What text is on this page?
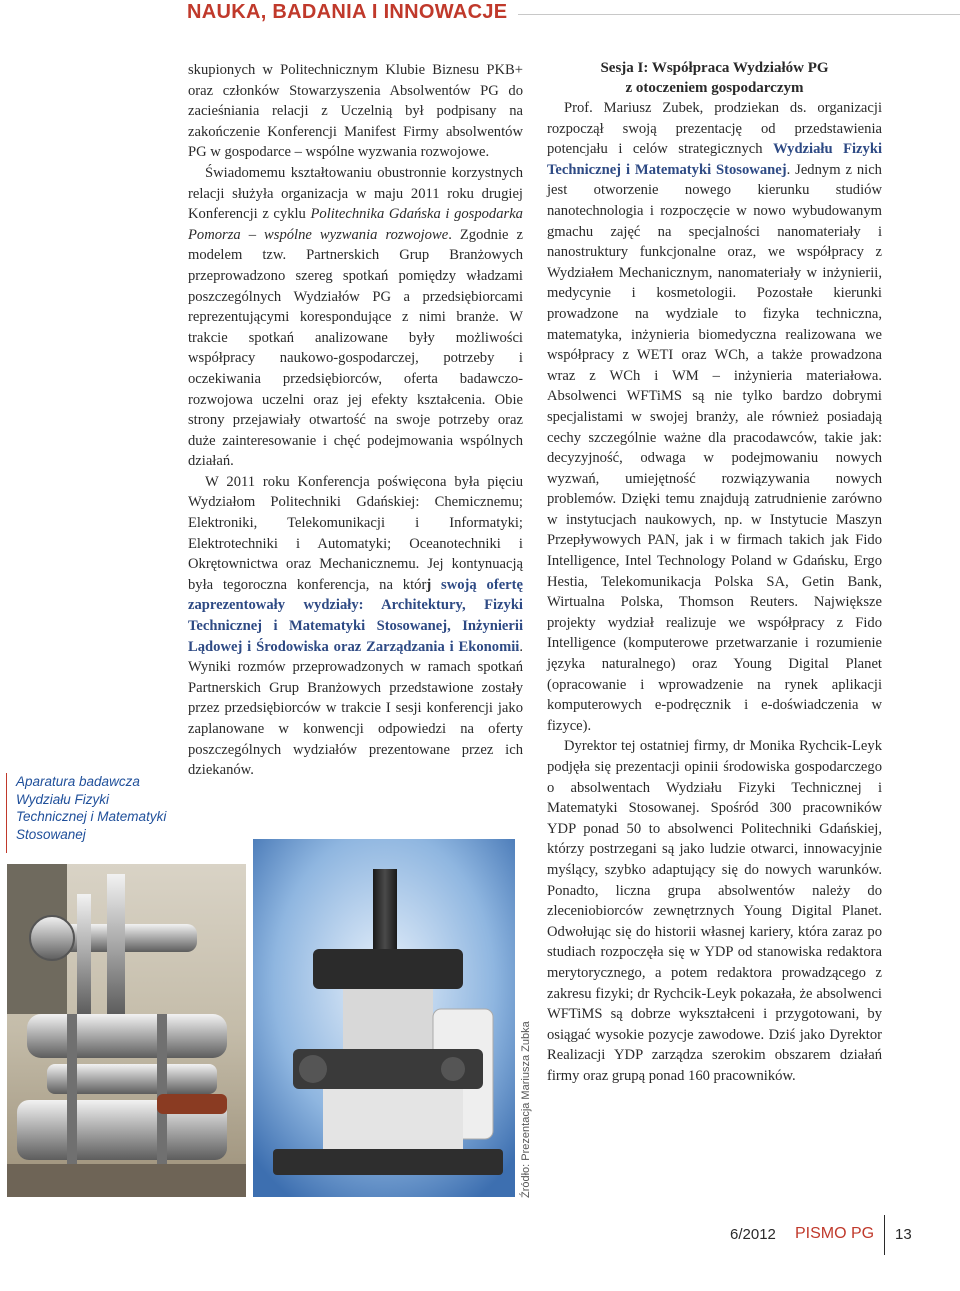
NAUKA, BADANIA I INNOWACJE

skupionych w Politechnicznym Klubie Biznesu PKB+ oraz członków Stowarzyszenia Absolwentów PG do zacieśniania relacji z Uczelnią był podpisany na zakończenie Konferencji Manifest Firmy absolwentów PG w gospodarce – wspólne wyzwania rozwojowe.

Świadomemu kształtowaniu obustronnie korzystnych relacji służyła organizacja w maju 2011 roku drugiej Konferencji z cyklu Politechnika Gdańska i gospodarka Pomorza – wspólne wyzwania rozwojowe. Zgodnie z modelem tzw. Partnerskich Grup Branżowych przeprowadzono szereg spotkań pomiędzy władzami poszczególnych Wydziałów PG a przedsiębiorcami reprezentującymi korespondujące z nimi branże. W trakcie spotkań analizowane były możliwości współpracy naukowo-gospodarczej, potrzeby i oczekiwania przedsiębiorców, oferta badawczo-rozwojowa uczelni oraz jej efekty kształcenia. Obie strony przejawiały otwartość na swoje potrzeby oraz duże zainteresowanie i chęć podejmowania wspólnych działań.

W 2011 roku Konferencja poświęcona była pięciu Wydziałom Politechniki Gdańskiej: Chemicznemu; Elektroniki, Telekomunikacji i Informatyki; Elektrotechniki i Automatyki; Oceanotechniki i Okrętownictwa oraz Mechanicznemu. Jej kontynuacją była tegoroczna konferencja, na którj swoją ofertę zaprezentowały wydziały: Architektury, Fizyki Technicznej i Matematyki Stosowanej, Inżynierii Lądowej i Środowiska oraz Zarządzania i Ekonomii. Wyniki rozmów przeprowadzonych w ramach spotkań Partnerskich Grup Branżowych przedstawione zostały przez przedsiębiorców w trakcie I sesji konferencji jako zaplanowane w konwencji odpowiedzi na oferty poszczególnych wydziałów prezentowane przez ich dziekanów.

Sesja I: Współpraca Wydziałów PG
z otoczeniem gospodarczym

Prof. Mariusz Zubek, prodziekan ds. organizacji rozpoczął swoją prezentację od przedstawienia potencjału i celów strategicznych Wydziału Fizyki Technicznej i Matematyki Stosowanej. Jednym z nich jest otworzenie nowego kierunku studiów nanotechnologia i rozpoczęcie w nowo wybudowanym gmachu zajęć na specjalności nanomateriały i nanostruktury funkcjonalne oraz, we współpracy z Wydziałem Mechanicznym, nanomateriały w inżynierii, medycynie i kosmetologii. Pozostałe kierunki prowadzone na wydziale to fizyka techniczna, matematyka, inżynieria biomedyczna realizowana we współpracy z WETI oraz WCh, a także prowadzona wraz z WCh i WM – inżynieria materiałowa. Absolwenci WFTiMS są nie tylko bardzo dobrymi specjalistami w swojej branży, ale również posiadają cechy szczególnie ważne dla pracodawców, takie jak: decyzyjność, odwaga w podejmowaniu nowych wyzwań, umiejętność rozwiązywania nowych problemów. Dzięki temu znajdują zatrudnienie zarówno w instytucjach naukowych, np. w Instytucie Maszyn Przepływowych PAN, jak i w firmach takich jak Fido Intelligence, Intel Technology Poland w Gdańsku, Ergo Hestia, Telekomunikacja Polska SA, Getin Bank, Wirtualna Polska, Thomson Reuters. Największe projekty wydział realizuje we współpracy z Fido Intelligence (komputerowe przetwarzanie i rozumienie języka naturalnego) oraz Young Digital Planet (opracowanie i wprowadzenie na rynek aplikacji komputerowych e-podręcznik i e-doświadczenia w fizyce).

Dyrektor tej ostatniej firmy, dr Monika Rychcik-Leyk podjęła się prezentacji opinii środowiska gospodarczego o absolwentach Wydziału Fizyki Technicznej i Matematyki Stosowanej. Spośród 300 pracowników YDP ponad 50 to absolwenci Politechniki Gdańskiej, którzy postrzegani są jako ludzie otwarci, innowacyjnie myślący, szybko adaptujący się do nowych warunków. Ponadto, liczna grupa absolwentów należy do zleceniobiorców zewnętrznych Young Digital Planet. Odwołując się do historii własnej kariery, która zaraz po studiach rozpoczęła się w YDP od stanowiska redaktora merytorycznego, a potem redaktora prowadzącego z zakresu fizyki; dr Rychcik-Leyk pokazała, że absolwenci WFTiMS są dobrze wykształceni i przygotowani, by osiągać wysokie pozycje zawodowe. Dziś jako Dyrektor Realizacji YDP zarządza szerokim obszarem działań firmy oraz grupą ponad 160 pracowników.

Aparatura badawcza Wydziału Fizyki Technicznej i Matematyki Stosowanej
Źródło: Prezentacja Mariusza Zubka
6/2012 PISMO PG 13
